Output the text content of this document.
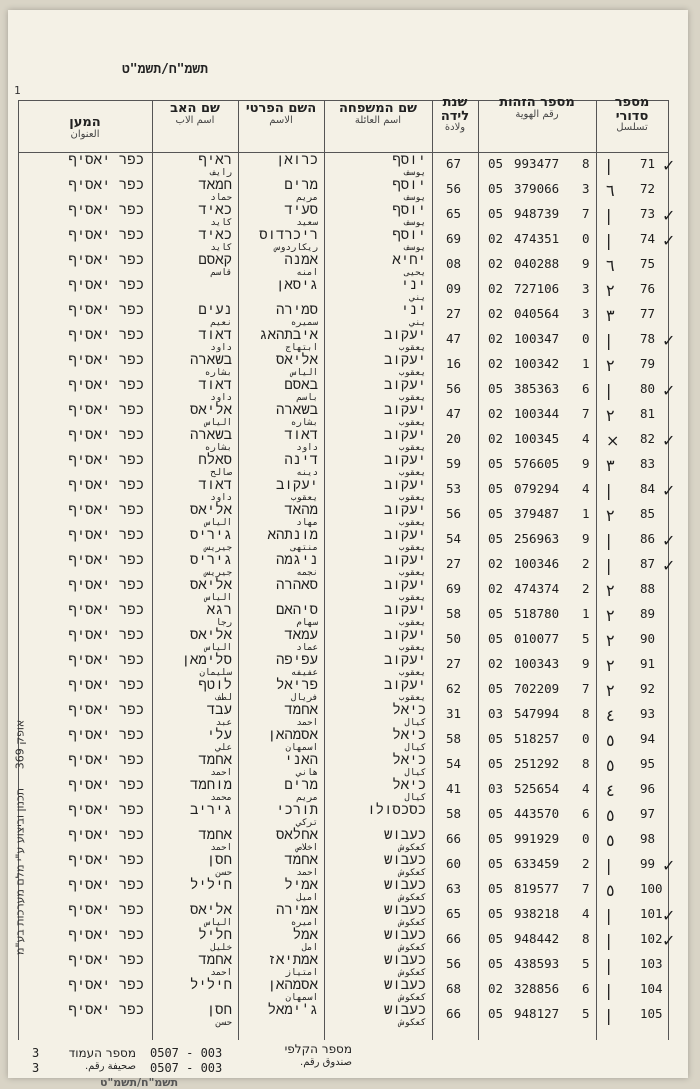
תשמ"ח/תשמ"ט
1
מספר סדורי
تسلسل
מספר הזהות
رقم الهوية
שנת לידה
ولادة
שם המשפחה
اسم العائلة
השם הפרטי
الاسم
שם האב
اسم الاب
המען
العنوان
✓
71
|
8
993477
05
67
יוסף
כרואן
ראיף
כפר יאסיף
يوسف
رايف
72
٦
3
379066
05
56
יוסף
מרים
חמאד
כפר יאסיף
يوسف
مريم
حماد
✓
73
|
7
948739
05
65
יוסף
סעיד
כאיד
כפר יאסיף
يوسف
سعيد
كايد
✓
74
|
0
474351
02
69
יוסף
ריכרדוס
כאיד
כפר יאסיף
يوسف
ريكاردوس
كايد
75
٦
9
040288
02
08
יחיא
אמנה
קאסם
כפר יאסיף
يحيى
امنه
قاسم
76
٢
3
727106
02
09
יני
גיסאן
כפר יאסיף
يني
77
٣
3
040564
02
27
יני
סמירה
נעים
כפר יאסיף
يني
سميره
نعيم
✓
78
|
0
100347
02
47
יעקוב
איבתהאג
דאוד
כפר יאסיף
يعقوب
ابتهاج
داود
79
٢
1
100342
02
16
יעקוב
אליאס
בשארה
כפר יאסיף
يعقوب
الياس
بشاره
✓
80
|
6
385363
05
56
יעקוב
באסם
דאוד
כפר יאסיף
يعقوب
باسم
داود
81
٢
7
100344
02
47
יעקוב
בשארה
אליאס
כפר יאסיף
يعقوب
بشاره
الياس
✓
82
⨯
4
100345
02
20
יעקוב
דאוד
בשארה
כפר יאסיף
يعقوب
داود
بشاره
83
٣
9
576605
05
59
יעקוב
דינה
סאלח
כפר יאסיף
يعقوب
دينه
صالح
✓
84
|
4
079294
05
53
יעקוב
יעקוב
דאוד
כפר יאסיף
يعقوب
يعقوب
داود
85
٢
1
379487
05
56
יעקוב
מהאד
אליאס
כפר יאסיף
يعقوب
مهاد
الياس
✓
86
|
9
256963
05
54
יעקוב
מונתהא
גיריס
כפר יאסיף
يعقوب
منتهى
جيريس
✓
87
|
2
100346
02
27
יעקוב
ניגמה
גיריס
כפר יאסיף
يعقوب
نجمه
جيريس
88
٢
2
474374
02
69
יעקוב
סאהרה
אליאס
כפר יאסיף
يعقوب
الياس
89
٢
1
518780
05
58
יעקוב
סיהאם
רגא
כפר יאסיף
يعقوب
سهام
رجا
90
٢
5
010077
05
50
יעקוב
עמאד
אליאס
כפר יאסיף
يعقوب
عماد
الياس
91
٢
9
100343
02
27
יעקוב
עפיפה
סלימאן
כפר יאסיף
يعقوب
عفيفه
سليمان
92
٢
7
702209
05
62
יעקוב
פריאל
לוטף
כפר יאסיף
يعقوب
فريال
لطف
93
٤
8
547994
03
31
כיאל
אחמד
עבד
כפר יאסיף
كيال
احمد
عبد
94
٥
0
518257
05
58
כיאל
אסמהאן
עלי
כפר יאסיף
كيال
اسمهان
علي
95
٥
8
251292
05
54
כיאל
האני
אחמד
כפר יאסיף
كيال
هاني
احمد
96
٤
4
525654
03
41
כיאל
מרים
מוחמד
כפר יאסיף
كيال
مريم
محمد
97
٥
6
443570
05
58
כסכסולו
תורכי
גיריב
כפר יאסיף
تركي
98
٥
0
991929
05
66
כעבוש
אחלאס
אחמד
כפר יאסיף
كعكوش
اخلاص
احمد
✓
99
|
2
633459
05
60
כעבוש
אחמד
חסן
כפר יאסיף
كعكوش
احمد
حسن
100
٥
7
819577
05
63
כעבוש
אמיל
חיליל
כפר יאסיף
كعكوش
اميل
✓
101
|
4
938218
05
65
כעבוש
אמירה
אליאס
כפר יאסיף
كعكوش
اميره
الياس
✓
102
|
8
948442
05
66
כעבוש
אמל
חליל
כפר יאסיף
كعكوش
امل
خليل
103
|
5
438593
05
56
כעבוש
אמתיאז
אחמד
כפר יאסיף
كعكوش
امتياز
احمد
104
|
6
328856
02
68
כעבוש
אסמהאן
חיליל
כפר יאסיף
كعكوش
اسمهان
105
|
5
948127
05
66
כעבוש
ג'ימאל
חסן
כפר יאסיף
كعكوش
حسن
תכנון וביצוע ע"י מלם מערכות בע"מ
אופק 369
3
3
מספר העמוד
صحيفة رقم.
0507 - 003
0507 - 003
מספר הקלפי
صندوق رقم.
תשמ"ח/תשמ"ט
